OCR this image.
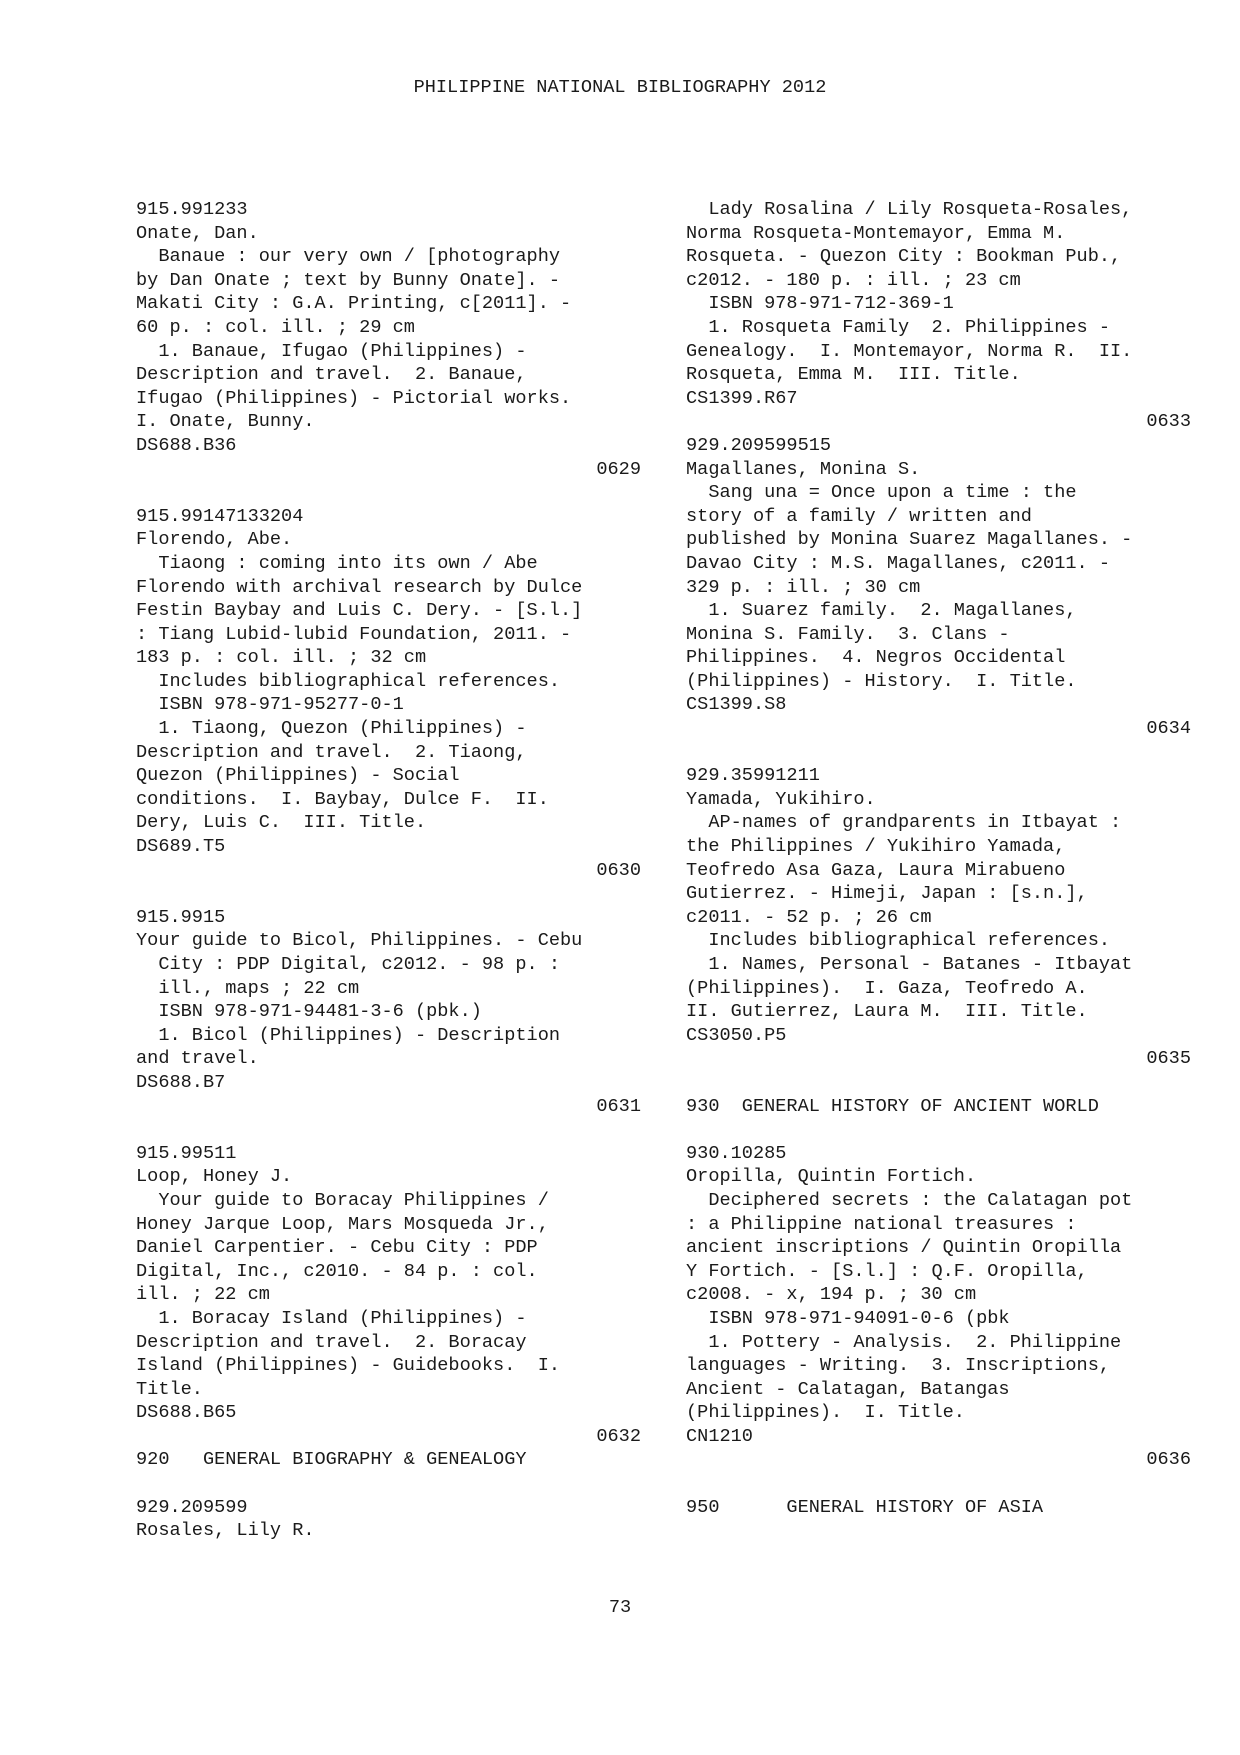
PHILIPPINE NATIONAL BIBLIOGRAPHY 2012
915.991233
Onate, Dan.
Banaue : our very own / [photography
by Dan Onate ; text by Bunny Onate]. -
Makati City : G.A. Printing, c[2011]. -
60 p. : col. ill. ; 29 cm
1. Banaue, Ifugao (Philippines) -
Description and travel.  2. Banaue,
Ifugao (Philippines) - Pictorial works.
I. Onate, Bunny.
DS688.B36
0629
915.99147133204
Florendo, Abe.
Tiaong : coming into its own / Abe
Florendo with archival research by Dulce
Festin Baybay and Luis C. Dery. - [S.l.]
: Tiang Lubid-lubid Foundation, 2011. -
183 p. : col. ill. ; 32 cm
Includes bibliographical references.
ISBN 978-971-95277-0-1
1. Tiaong, Quezon (Philippines) -
Description and travel.  2. Tiaong,
Quezon (Philippines) - Social
conditions.  I. Baybay, Dulce F.  II.
Dery, Luis C.  III. Title.
DS689.T5
0630
915.9915
Your guide to Bicol, Philippines. - Cebu
City : PDP Digital, c2012. - 98 p. :
ill., maps ; 22 cm
ISBN 978-971-94481-3-6 (pbk.)
1. Bicol (Philippines) - Description
and travel.
DS688.B7
0631
915.99511
Loop, Honey J.
Your guide to Boracay Philippines /
Honey Jarque Loop, Mars Mosqueda Jr.,
Daniel Carpentier. - Cebu City : PDP
Digital, Inc., c2010. - 84 p. : col.
ill. ; 22 cm
1. Boracay Island (Philippines) -
Description and travel.  2. Boracay
Island (Philippines) - Guidebooks.  I.
Title.
DS688.B65
0632
920   GENERAL BIOGRAPHY & GENEALOGY
929.209599
Rosales, Lily R.
Lady Rosalina / Lily Rosqueta-Rosales,
Norma Rosqueta-Montemayor, Emma M.
Rosqueta. - Quezon City : Bookman Pub.,
c2012. - 180 p. : ill. ; 23 cm
ISBN 978-971-712-369-1
1. Rosqueta Family  2. Philippines -
Genealogy.  I. Montemayor, Norma R.  II.
Rosqueta, Emma M.  III. Title.
CS1399.R67
0633
929.209599515
Magallanes, Monina S.
Sang una = Once upon a time : the
story of a family / written and
published by Monina Suarez Magallanes. -
Davao City : M.S. Magallanes, c2011. -
329 p. : ill. ; 30 cm
1. Suarez family.  2. Magallanes,
Monina S. Family.  3. Clans -
Philippines.  4. Negros Occidental
(Philippines) - History.  I. Title.
CS1399.S8
0634
929.35991211
Yamada, Yukihiro.
AP-names of grandparents in Itbayat :
the Philippines / Yukihiro Yamada,
Teofredo Asa Gaza, Laura Mirabueno
Gutierrez. - Himeji, Japan : [s.n.],
c2011. - 52 p. ; 26 cm
Includes bibliographical references.
1. Names, Personal - Batanes - Itbayat
(Philippines).  I. Gaza, Teofredo A.
II. Gutierrez, Laura M.  III. Title.
CS3050.P5
0635
930  GENERAL HISTORY OF ANCIENT WORLD
930.10285
Oropilla, Quintin Fortich.
Deciphered secrets : the Calatagan pot
: a Philippine national treasures :
ancient inscriptions / Quintin Oropilla
Y Fortich. - [S.l.] : Q.F. Oropilla,
c2008. - x, 194 p. ; 30 cm
ISBN 978-971-94091-0-6 (pbk
1. Pottery - Analysis.  2. Philippine
languages - Writing.  3. Inscriptions,
Ancient - Calatagan, Batangas
(Philippines).  I. Title.
CN1210
0636
950      GENERAL HISTORY OF ASIA
73
